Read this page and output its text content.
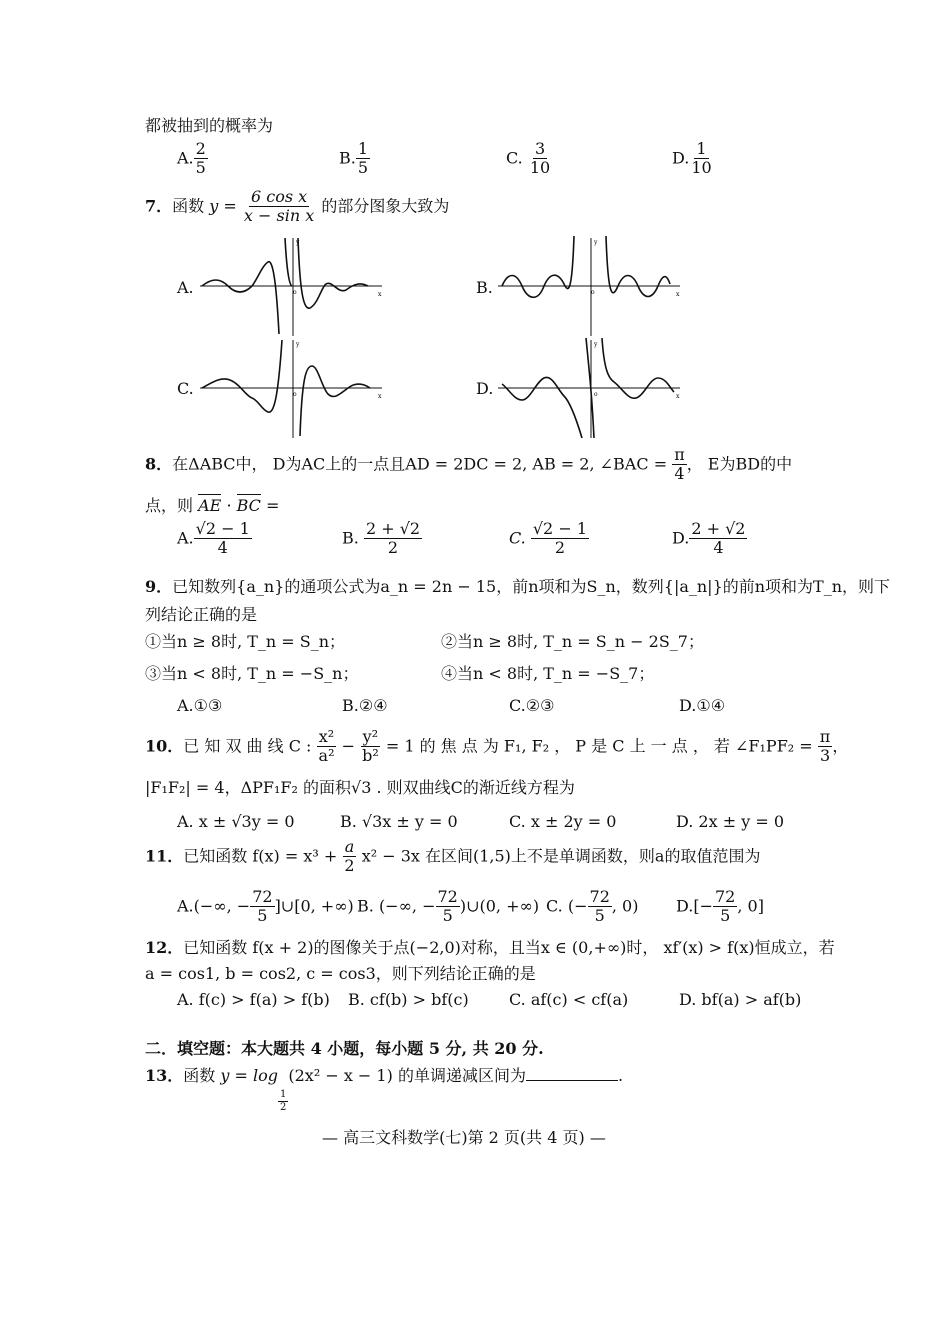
都被抽到的概率为
A. $\frac{2}{5}$	B. $\frac{1}{5}$	C. $\frac{3}{10}$	D. $\frac{1}{10}$
7．函数 $y = \frac{\text{6 cos x}}{\text{x − sin x}}$ 的部分图象大致为
A.	x
y
o	B.	x
y
o
C.	x
y
o	D.	x
y
o
8．在ΔABC中， D为AC上的一点且AD = 2DC = 2, AB = 2, ∠BAC = $\frac{\pi}{4}$ ， E为BD的中
点，则 AE · BC =
A. $\frac{√2 - 1}{4}$	B. $\frac{2 + √2}{2}$	C. $\frac{√2 - 1}{2}$	D. $\frac{2 + √2}{4}$
9．已知数列{a_n}的通项公式为a_n = 2n − 15，前n项和为S_n，数列{|a_n|}的前n项和为T_n，则下
列结论正确的是
①当n ≥ 8时, T_n = S_n；	②当n ≥ 8时, T_n = S_n − 2S_7；
③当n < 8时, T_n = −S_n；	④当n < 8时, T_n = −S_7；
A.①③	B.②④	C.②③	D.①④
10．已 知 双 曲 线 C : $\frac{\text{x²}}{\text{a²}} - \frac{\text{y²}}{\text{b²}} = 1$ 的 焦 点 为 F₁, F₂ ， P 是 C 上 一 点 ， 若 ∠F₁PF₂ = $\frac{\pi}{3}$ ，
|F₁F₂| = 4，ΔPF₁F₂ 的面积√3 . 则双曲线C的渐近线方程为
A. x ± √3y = 0	B. √3x ± y = 0	C. x ± 2y = 0	D. 2x ± y = 0
11．已知函数 $f(x) = x^3 + \frac{a}{2} x^2 - 3x$ 在区间(1,5)上不是单调函数，则a的取值范围为
A.(−∞, − $\frac{72}{5}$ ]∪[0, +∞) B. (−∞, − $\frac{72}{5}$ )∪(0, +∞) C. (− $\frac{72}{5}$ , 0) $D.[- \frac{72}{5}$ , 0]
12．已知函数 f(x + 2)的图像关于点(−2,0)对称，且当x ∈ (0,+∞)时， xf′(x) > f(x)恒成立，若
a = cos1, b = cos2, c = cos3，则下列结论正确的是
A. f(c) > f(a) > f(b) B. cf(b) > bf(c)	C. af(c) < cf(a)	D. bf(a) > af(b)
二．填空题：本大题共 4 小题，每小题 5 分, 共 20 分.
13．函数 y = log
$\frac{1}{2}$
(2x² − x − 1) 的单调递减区间为	.
— 高三文科数学(七)第 2 页(共 4 页) —
